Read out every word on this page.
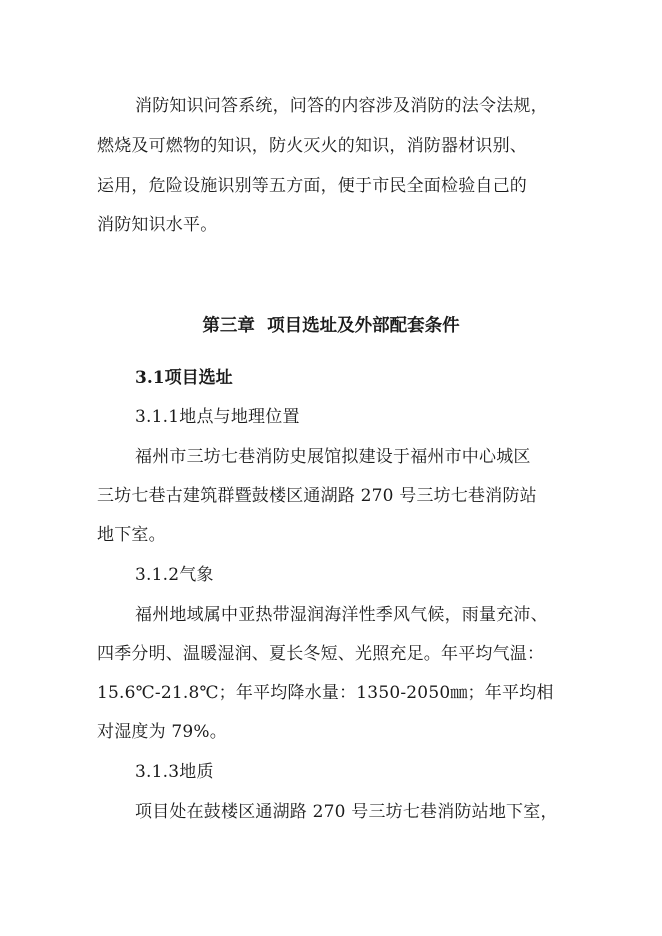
消防知识问答系统，问答的内容涉及消防的法令法规，
燃烧及可燃物的知识，防火灭火的知识，消防器材识别、
运用，危险设施识别等五方面，便于市民全面检验自己的
消防知识水平。
第三章  项目选址及外部配套条件
3.1项目选址
3.1.1地点与地理位置
福州市三坊七巷消防史展馆拟建设于福州市中心城区
三坊七巷古建筑群暨鼓楼区通湖路 270 号三坊七巷消防站
地下室。
3.1.2气象
福州地域属中亚热带湿润海洋性季风气候，雨量充沛、
四季分明、温暖湿润、夏长冬短、光照充足。年平均气温：
15.6℃-21.8℃；年平均降水量：1350-2050㎜；年平均相
对湿度为 79%。
3.1.3地质
项目处在鼓楼区通湖路 270 号三坊七巷消防站地下室，
